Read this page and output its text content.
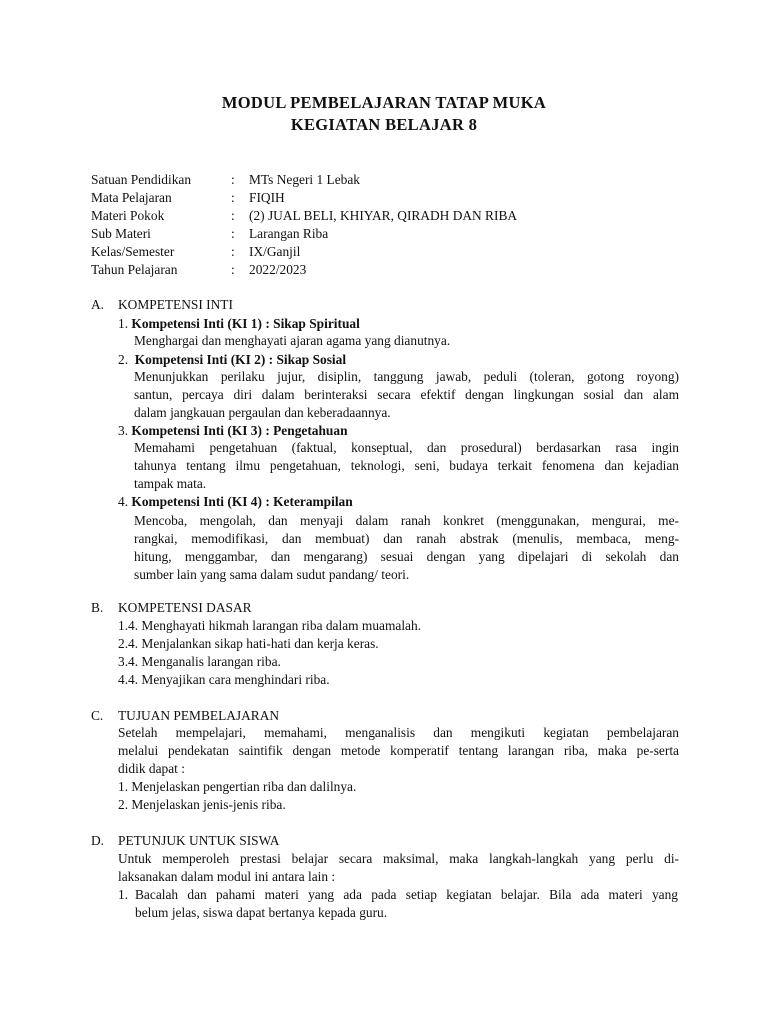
MODUL PEMBELAJARAN TATAP MUKA
KEGIATAN BELAJAR 8
Satuan Pendidikan	:	MTs Negeri 1 Lebak
Mata Pelajaran	:	FIQIH
Materi Pokok	:	(2) JUAL BELI, KHIYAR, QIRADH DAN RIBA
Sub Materi	:	Larangan Riba
Kelas/Semester	:	IX/Ganjil
Tahun Pelajaran	:	2022/2023
A. KOMPETENSI INTI
1. Kompetensi Inti (KI 1) : Sikap Spiritual
Menghargai dan menghayati ajaran agama yang dianutnya.
2. Kompetensi Inti (KI 2) : Sikap Sosial
Menunjukkan perilaku jujur, disiplin, tanggung jawab, peduli (toleran, gotong royong)
santun, percaya diri dalam berinteraksi secara efektif dengan lingkungan sosial dan alam
dalam jangkauan pergaulan dan keberadaannya.
3. Kompetensi Inti (KI 3) : Pengetahuan
Memahami pengetahuan (faktual, konseptual, dan prosedural) berdasarkan rasa ingin
tahunya tentang ilmu pengetahuan, teknologi, seni, budaya terkait fenomena dan kejadian
tampak mata.
4. Kompetensi Inti (KI 4) : Keterampilan
Mencoba, mengolah, dan menyaji dalam ranah konkret (menggunakan, mengurai, me-
rangkai, memodifikasi, dan membuat) dan ranah abstrak (menulis, membaca, meng-
hitung, menggambar, dan mengarang) sesuai dengan yang dipelajari di sekolah dan
sumber lain yang sama dalam sudut pandang/ teori.
B. KOMPETENSI DASAR
1.4. Menghayati hikmah larangan riba dalam muamalah.
2.4. Menjalankan sikap hati-hati dan kerja keras.
3.4. Menganalis larangan riba.
4.4. Menyajikan cara menghindari riba.
C. TUJUAN PEMBELAJARAN
Setelah mempelajari, memahami, menganalisis dan mengikuti kegiatan pembelajaran
melalui pendekatan saintifik dengan metode komperatif tentang larangan riba, maka pe-serta
didik dapat :
1. Menjelaskan pengertian riba dan dalilnya.
2. Menjelaskan jenis-jenis riba.
D. PETUNJUK UNTUK SISWA
Untuk memperoleh prestasi belajar secara maksimal, maka langkah-langkah yang perlu di-
laksanakan dalam modul ini antara lain :
1. Bacalah dan pahami materi yang ada pada setiap kegiatan belajar. Bila ada materi yang
belum jelas, siswa dapat bertanya kepada guru.
